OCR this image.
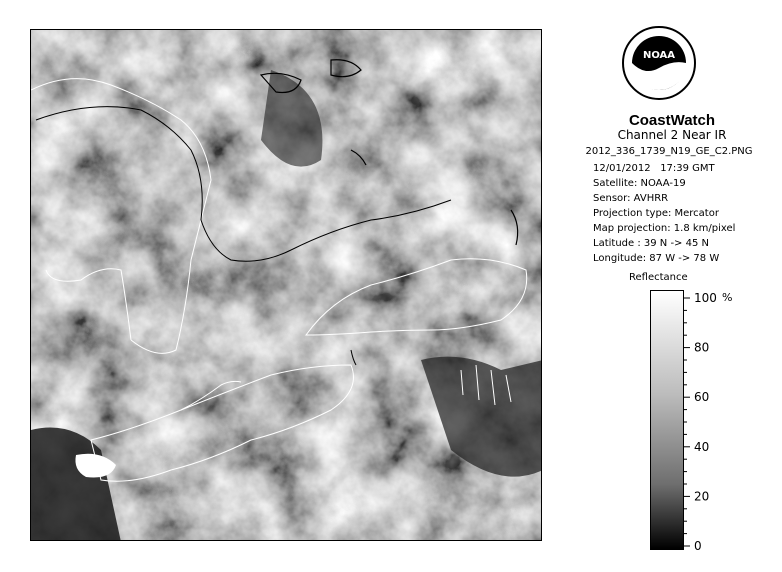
NOAA
CoastWatch
Channel 2 Near IR
2012_336_1739_N19_GE_C2.PNG
12/01/2012 17:39 GMT
Satellite: NOAA-19
Sensor: AVHRR
Projection type: Mercator
Map projection: 1.8 km/pixel
Latitude : 39 N -> 45 N
Longitude: 87 W -> 78 W
Reflectance
%
100
80
60
40
20
0
